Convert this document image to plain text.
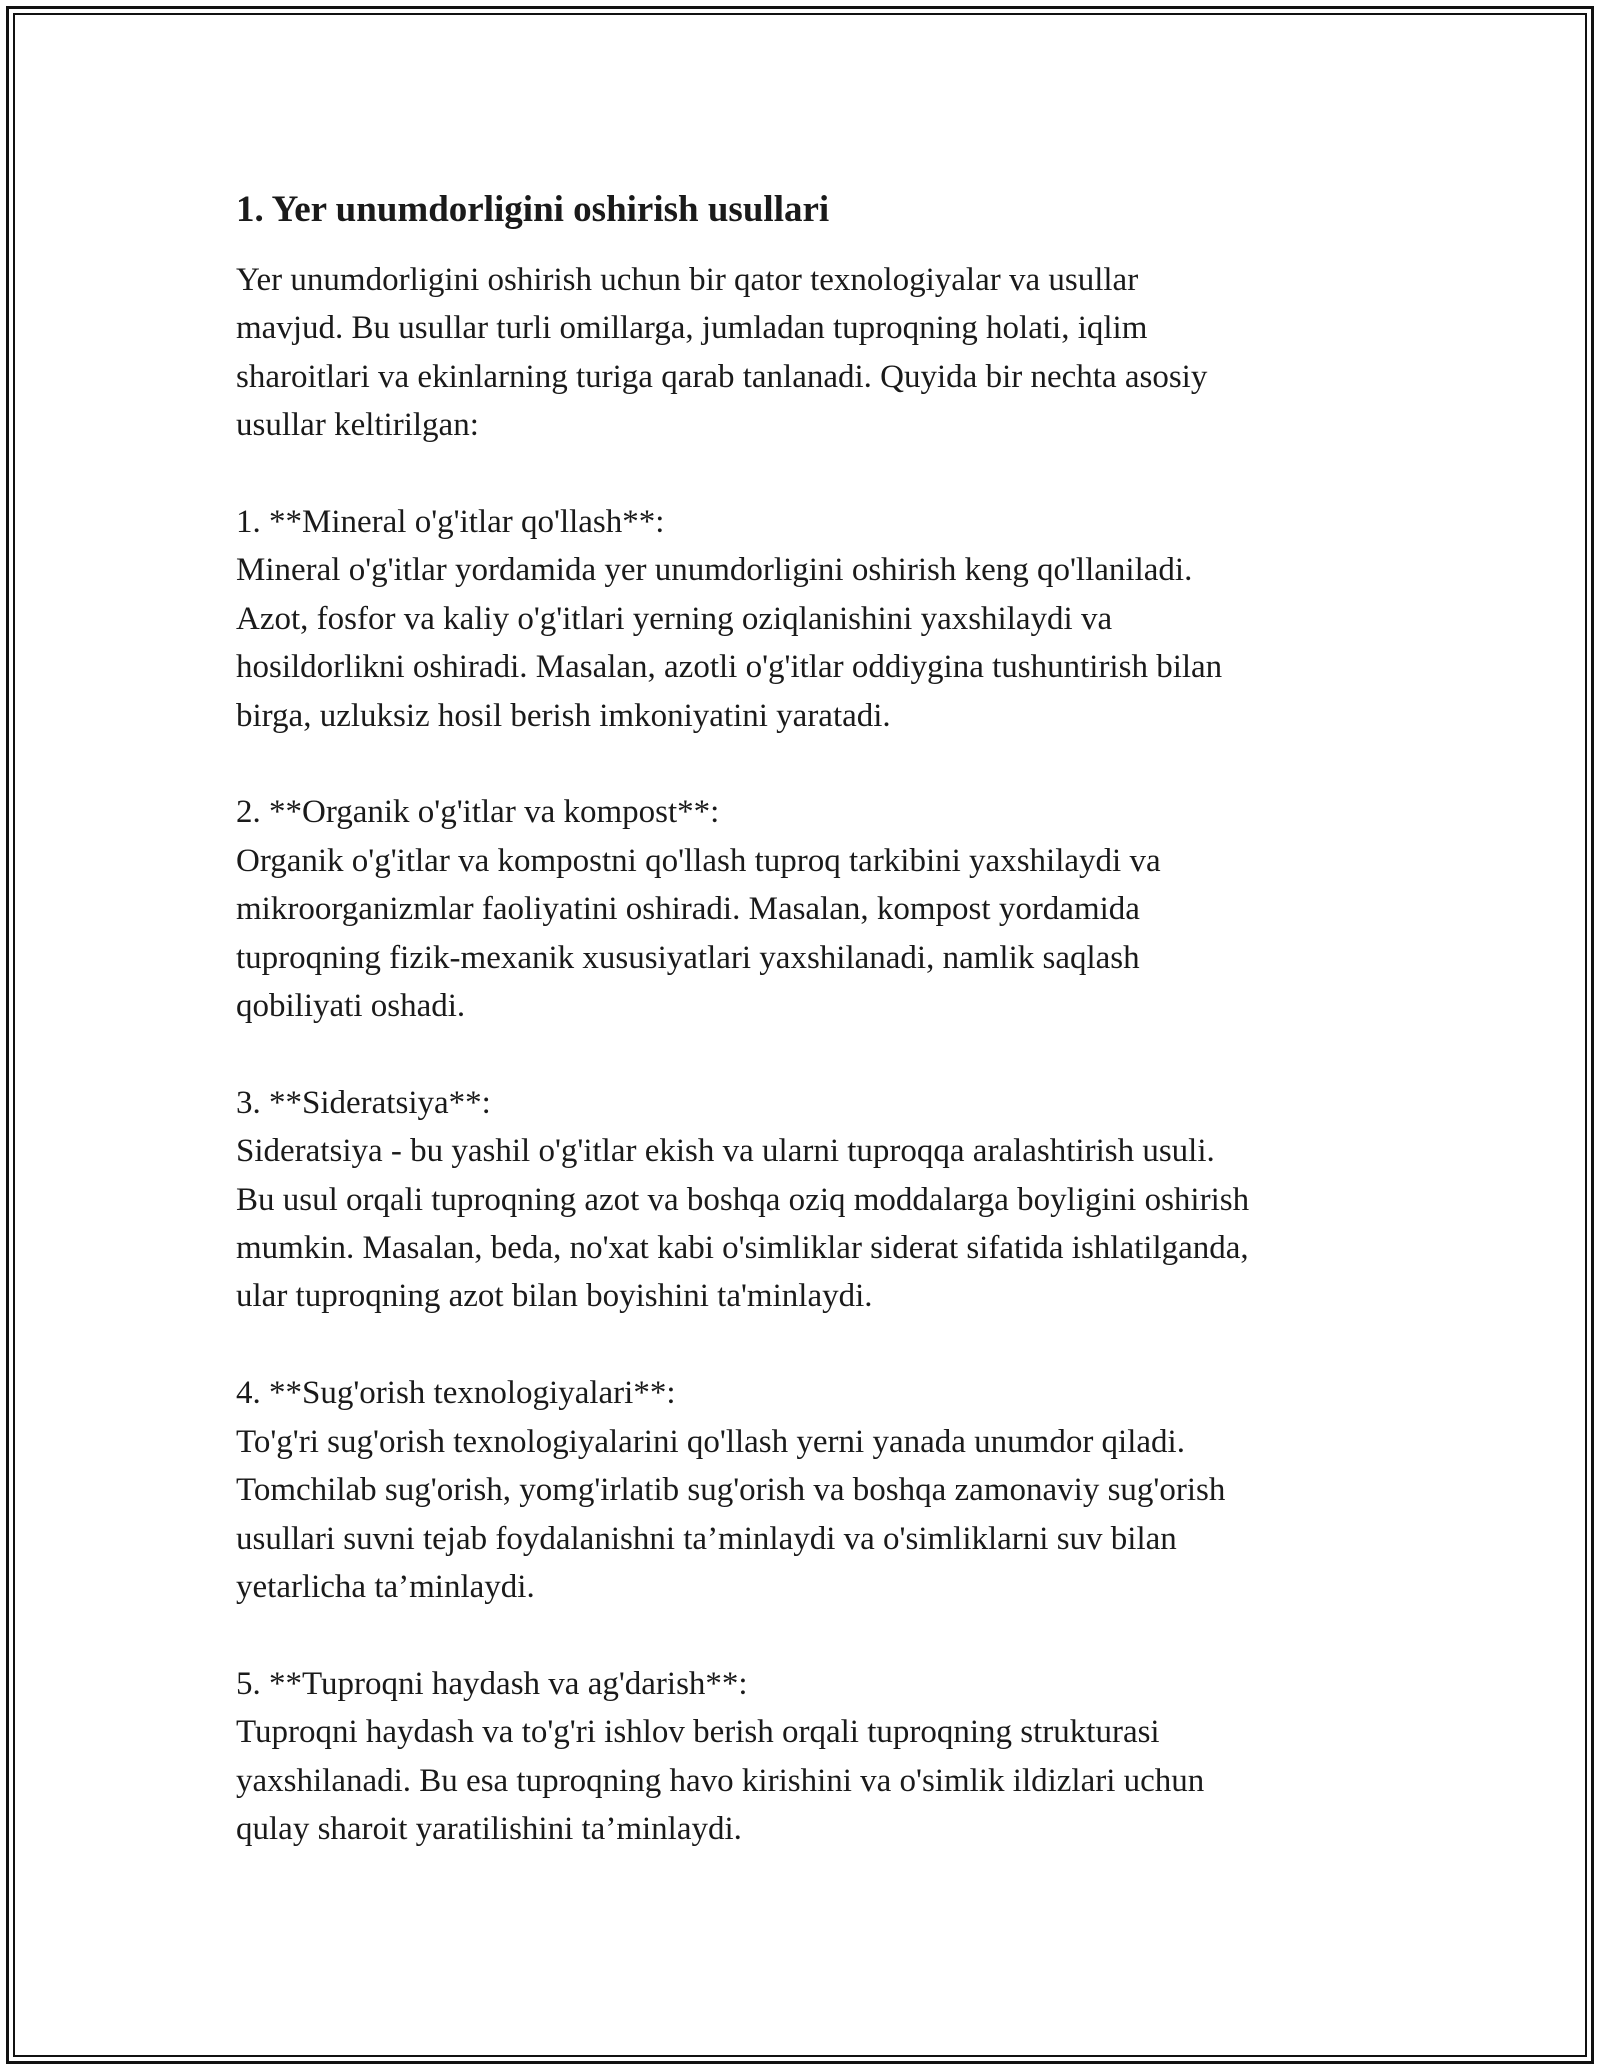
1. Yer unumdorligini oshirish usullari

Yer unumdorligini oshirish uchun bir qator texnologiyalar va usullar
mavjud. Bu usullar turli omillarga, jumladan tuproqning holati, iqlim
sharoitlari va ekinlarning turiga qarab tanlanadi. Quyida bir nechta asosiy
usullar keltirilgan:

1. **Mineral o'g'itlar qo'llash**:

Mineral o'g'itlar yordamida yer unumdorligini oshirish keng qo'llaniladi.
Azot, fosfor va kaliy o'g'itlari yerning oziqlanishini yaxshilaydi va
hosildorlikni oshiradi. Masalan, azotli o'g'itlar oddiygina tushuntirish bilan
birga, uzluksiz hosil berish imkoniyatini yaratadi.

2. **Organik o'g'itlar va kompost**:

Organik o'g'itlar va kompostni qo'llash tuproq tarkibini yaxshilaydi va
mikroorganizmlar faoliyatini oshiradi. Masalan, kompost yordamida
tuproqning fizik-mexanik xususiyatlari yaxshilanadi, namlik saqlash
qobiliyati oshadi.

3. **Sideratsiya**:

Sideratsiya - bu yashil o'g'itlar ekish va ularni tuproqqa aralashtirish usuli.
Bu usul orqali tuproqning azot va boshqa oziq moddalarga boyligini oshirish
mumkin. Masalan, beda, no'xat kabi o'simliklar siderat sifatida ishlatilganda,
ular tuproqning azot bilan boyishini ta'minlaydi.

4. **Sug'orish texnologiyalari**:

To'g'ri sug'orish texnologiyalarini qo'llash yerni yanada unumdor qiladi.
Tomchilab sug'orish, yomg'irlatib sug'orish va boshqa zamonaviy sug'orish
usullari suvni tejab foydalanishni ta’minlaydi va o'simliklarni suv bilan
yetarlicha ta’minlaydi.

5. **Tuproqni haydash va ag'darish**:

Tuproqni haydash va to'g'ri ishlov berish orqali tuproqning strukturasi
yaxshilanadi. Bu esa tuproqning havo kirishini va o'simlik ildizlari uchun
qulay sharoit yaratilishini ta’minlaydi.
